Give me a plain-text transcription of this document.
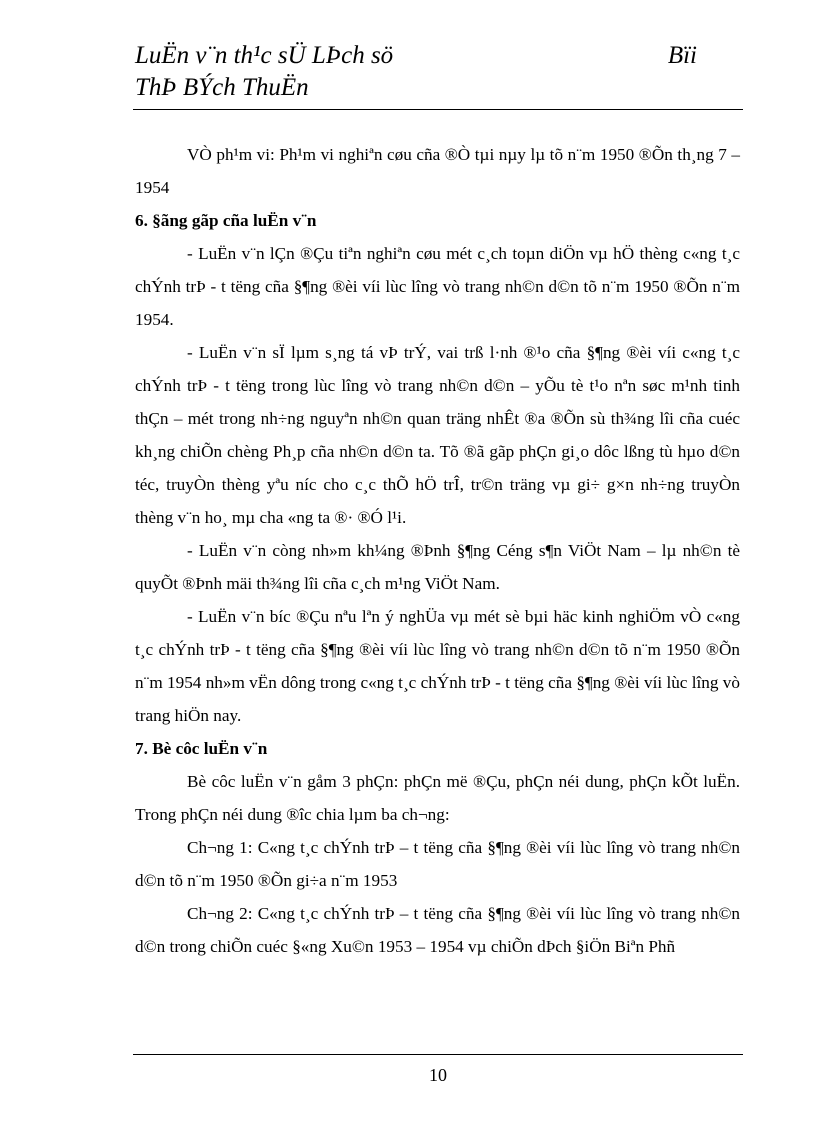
LuËn v¨n th¹c sÜ LÞch sö	Bïi
ThÞ BÝch ThuËn

VÒ ph¹m vi: Ph¹m vi nghiªn cøu cña ®Ò tµi nµy lµ tõ n¨m 1950 ®Õn th¸ng 7 – 1954

6. §ãng gãp cña luËn v¨n

- LuËn v¨n lÇn ®Çu tiªn nghiªn cøu mét c¸ch toµn diÖn vµ hÖ thèng c«ng t¸c chÝnh trÞ - t tëng cña §¶ng ®èi víi lùc lîng vò trang nh©n d©n tõ n¨m 1950 ®Õn n¨m 1954.

- LuËn v¨n sÏ lµm s¸ng tá vÞ trÝ, vai trß l·nh ®¹o cña §¶ng ®èi víi c«ng t¸c chÝnh trÞ - t tëng trong lùc lîng vò trang nh©n d©n – yÕu tè t¹o nªn søc m¹nh tinh thÇn – mét trong nh÷ng nguyªn nh©n quan träng nhÊt ®a ®Õn sù th¾ng lîi cña cuéc kh¸ng chiÕn chèng Ph¸p cña nh©n d©n ta. Tõ ®ã gãp phÇn gi¸o dôc lßng tù hµo d©n téc, truyÒn thèng yªu níc cho c¸c thÕ hÖ trÎ, tr©n träng vµ gi÷ g×n nh÷ng truyÒn thèng v¨n ho¸ mµ cha «ng ta ®· ®Ó l¹i.

- LuËn v¨n còng nh»m kh¼ng ®Þnh §¶ng Céng s¶n ViÖt Nam – lµ nh©n tè quyÕt ®Þnh mäi th¾ng lîi cña c¸ch m¹ng ViÖt Nam.

- LuËn v¨n bíc ®Çu nªu lªn ý nghÜa vµ mét sè bµi häc kinh nghiÖm vÒ c«ng t¸c chÝnh trÞ - t tëng cña §¶ng ®èi víi lùc lîng vò trang nh©n d©n tõ n¨m 1950 ®Õn n¨m 1954 nh»m vËn dông trong c«ng t¸c chÝnh trÞ - t tëng cña §¶ng ®èi víi lùc lîng vò trang hiÖn nay.

7. Bè côc luËn v¨n

Bè côc luËn v¨n gåm 3 phÇn: phÇn më ®Çu, phÇn néi dung, phÇn kÕt luËn. Trong phÇn néi dung ®îc chia lµm ba ch¬ng:

Ch¬ng 1: C«ng t¸c chÝnh trÞ – t tëng cña §¶ng ®èi víi lùc lîng vò trang nh©n d©n tõ n¨m 1950 ®Õn gi÷a n¨m 1953

Ch¬ng 2: C«ng t¸c chÝnh trÞ – t tëng cña §¶ng ®èi víi lùc lîng vò trang nh©n d©n trong chiÕn cuéc §«ng Xu©n 1953 – 1954 vµ chiÕn dÞch §iÖn Biªn Phñ

10
